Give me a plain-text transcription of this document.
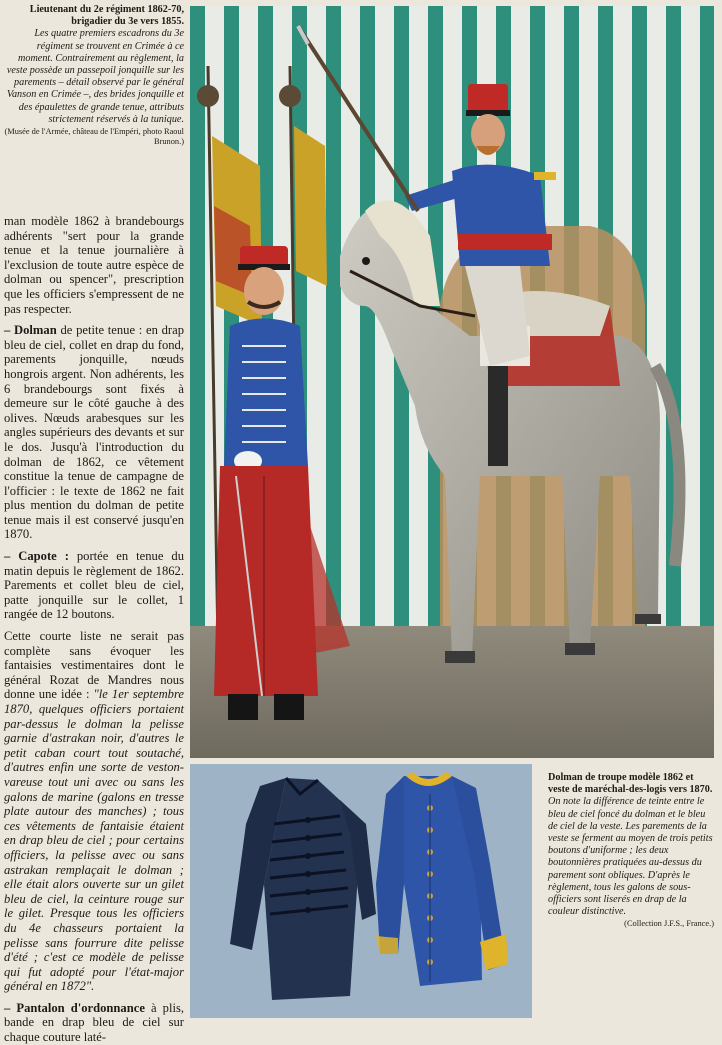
Lieutenant du 2e régiment 1862-70, brigadier du 3e vers 1855.
Les quatre premiers escadrons du 3e régiment se trouvent en Crimée à ce moment. Contrairement au règlement, la veste possède un passepoil jonquille sur les parements – détail observé par le général Vanson en Crimée –, des brides jonquille et des épaulettes de grande tenue, attributs strictement réservés à la tunique.
(Musée de l'Armée, château de l'Empéri, photo Raoul Brunon.)

man modèle 1862 à brandebourgs adhérents "sert pour la grande tenue et la tenue journalière à l'exclusion de toute autre espèce de dolman ou spencer", prescription que les officiers s'empressent de ne pas respecter.

– Dolman de petite tenue : en drap bleu de ciel, collet en drap du fond, parements jonquille, nœuds hongrois argent. Non adhérents, les 6 brandebourgs sont fixés à demeure sur le côté gauche à des olives. Nœuds arabesques sur les angles supérieurs des devants et sur le dos. Jusqu'à l'introduction du dolman de 1862, ce vêtement constitue la tenue de campagne de l'officier : le texte de 1862 ne fait plus mention du dolman de petite tenue mais il est conservé jusqu'en 1870.

– Capote : portée en tenue du matin depuis le règlement de 1862. Parements et collet bleu de ciel, patte jonquille sur le collet, 1 rangée de 12 boutons.

Cette courte liste ne serait pas complète sans évoquer les fantaisies vestimentaires dont le général Rozat de Mandres nous donne une idée : "le 1er septembre 1870, quelques officiers portaient par-dessus le dolman la pelisse garnie d'astrakan noir, d'autres le petit caban court tout soutaché, d'autres enfin une sorte de veston-vareuse tout uni avec ou sans les galons de marine (galons en tresse plate autour des manches) ; tous ces vêtements de fantaisie étaient en drap bleu de ciel ; pour certains officiers, la pelisse avec ou sans astrakan remplaçait le dolman ; elle était alors ouverte sur un gilet bleu de ciel, la ceinture rouge sur le gilet. Presque tous les officiers du 4e chasseurs portaient la pelisse sans fourrure dite pelisse d'été ; c'est ce modèle de pelisse qui fut adopté pour l'état-major général en 1872".

– Pantalon d'ordonnance à plis, bande en drap bleu de ciel sur chaque couture laté-

Dolman de troupe modèle 1862 et veste de maréchal-des-logis vers 1870. On note la différence de teinte entre le bleu de ciel foncé du dolman et le bleu de ciel de la veste. Les parements de la veste se ferment au moyen de trois petits boutons d'uniforme ; les deux boutonnières pratiquées au-dessus du parement sont obliques. D'après le règlement, tous les galons de sous-officiers sont liserés en drap de la couleur distinctive.
(Collection J.F.S., France.)
